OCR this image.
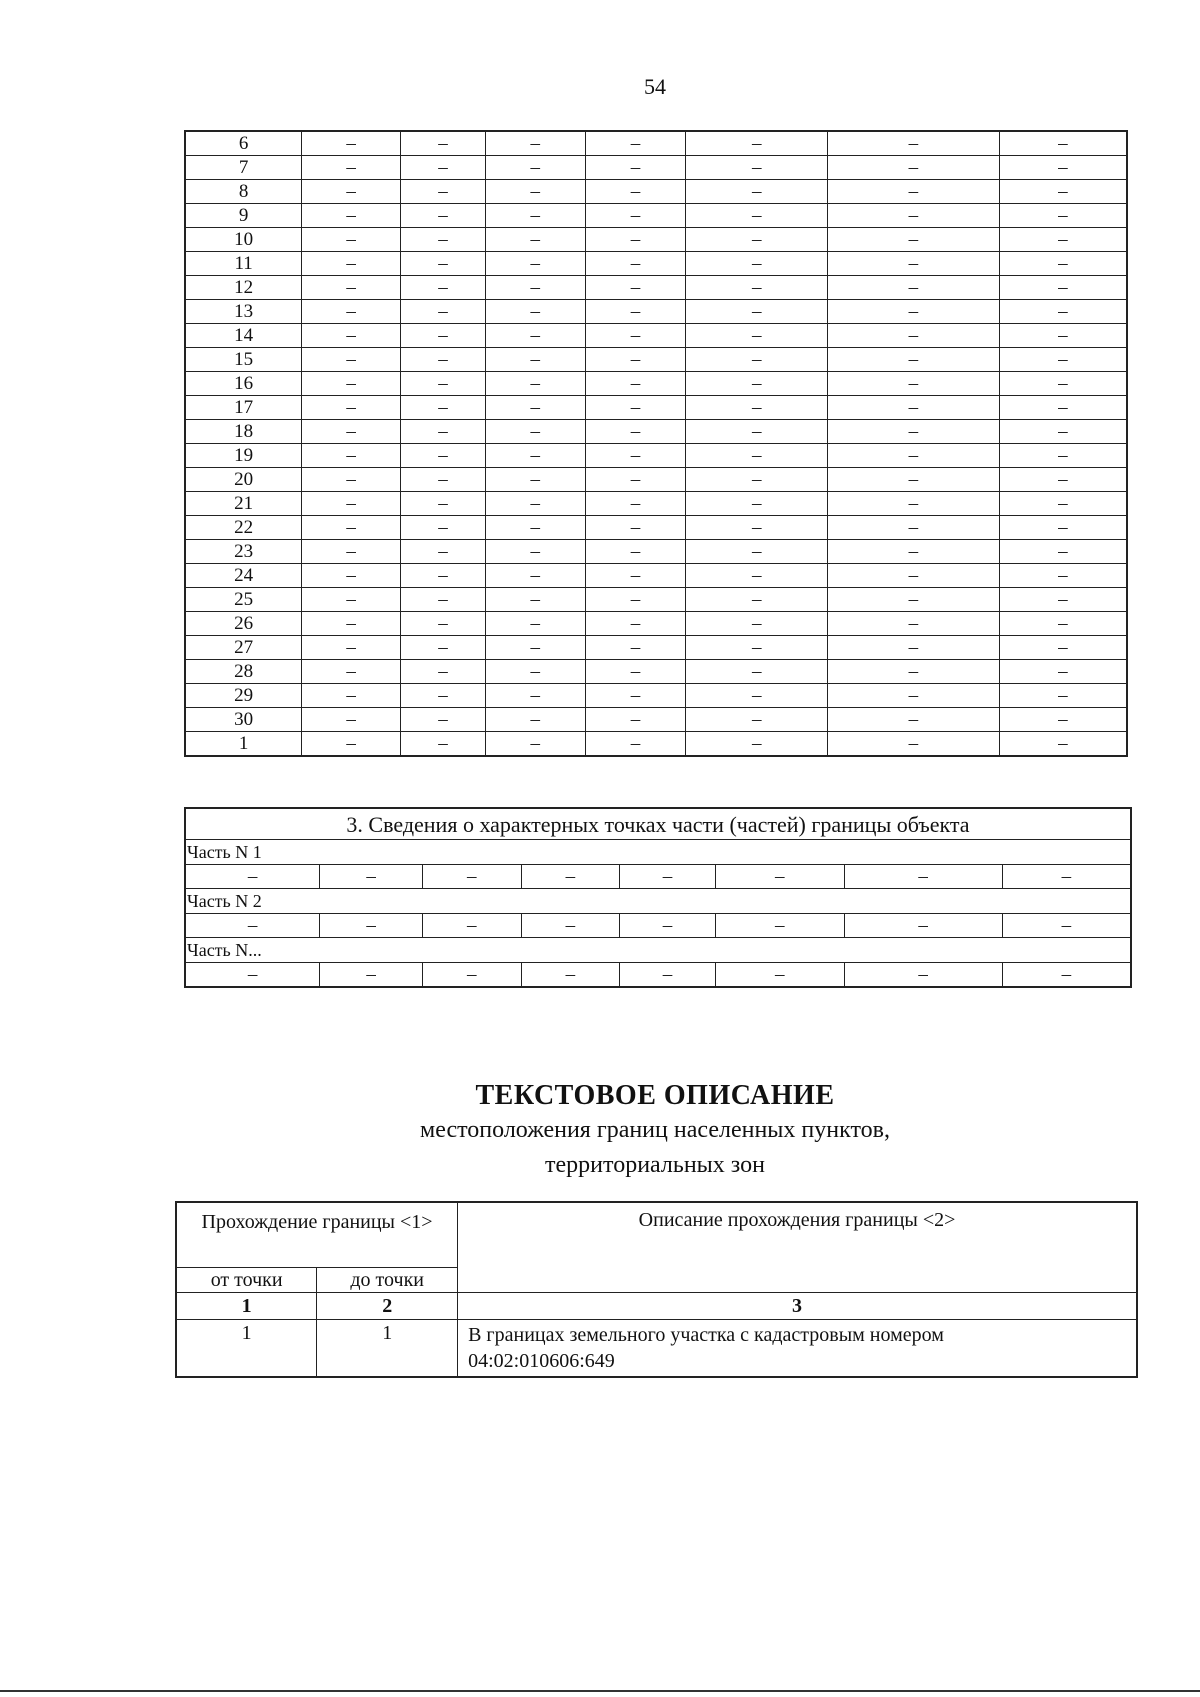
54
6	–	–	–	–	–	–	–
7	–	–	–	–	–	–	–
8	–	–	–	–	–	–	–
9	–	–	–	–	–	–	–
10	–	–	–	–	–	–	–
11	–	–	–	–	–	–	–
12	–	–	–	–	–	–	–
13	–	–	–	–	–	–	–
14	–	–	–	–	–	–	–
15	–	–	–	–	–	–	–
16	–	–	–	–	–	–	–
17	–	–	–	–	–	–	–
18	–	–	–	–	–	–	–
19	–	–	–	–	–	–	–
20	–	–	–	–	–	–	–
21	–	–	–	–	–	–	–
22	–	–	–	–	–	–	–
23	–	–	–	–	–	–	–
24	–	–	–	–	–	–	–
25	–	–	–	–	–	–	–
26	–	–	–	–	–	–	–
27	–	–	–	–	–	–	–
28	–	–	–	–	–	–	–
29	–	–	–	–	–	–	–
30	–	–	–	–	–	–	–
1	–	–	–	–	–	–	–
3. Сведения о характерных точках части (частей) границы объекта
Часть N 1
–	–	–	–	–	–	–	–
Часть N 2
–	–	–	–	–	–	–	–
Часть N...
–	–	–	–	–	–	–	–
ТЕКСТОВОЕ ОПИСАНИЕ
местоположения границ населенных пунктов,
территориальных зон
Прохождение границы <1>		Описание прохождения границы <2>
от точки	до точки	
1	2	3
1	1	В границах земельного участка с кадастровым номером
04:02:010606:649
